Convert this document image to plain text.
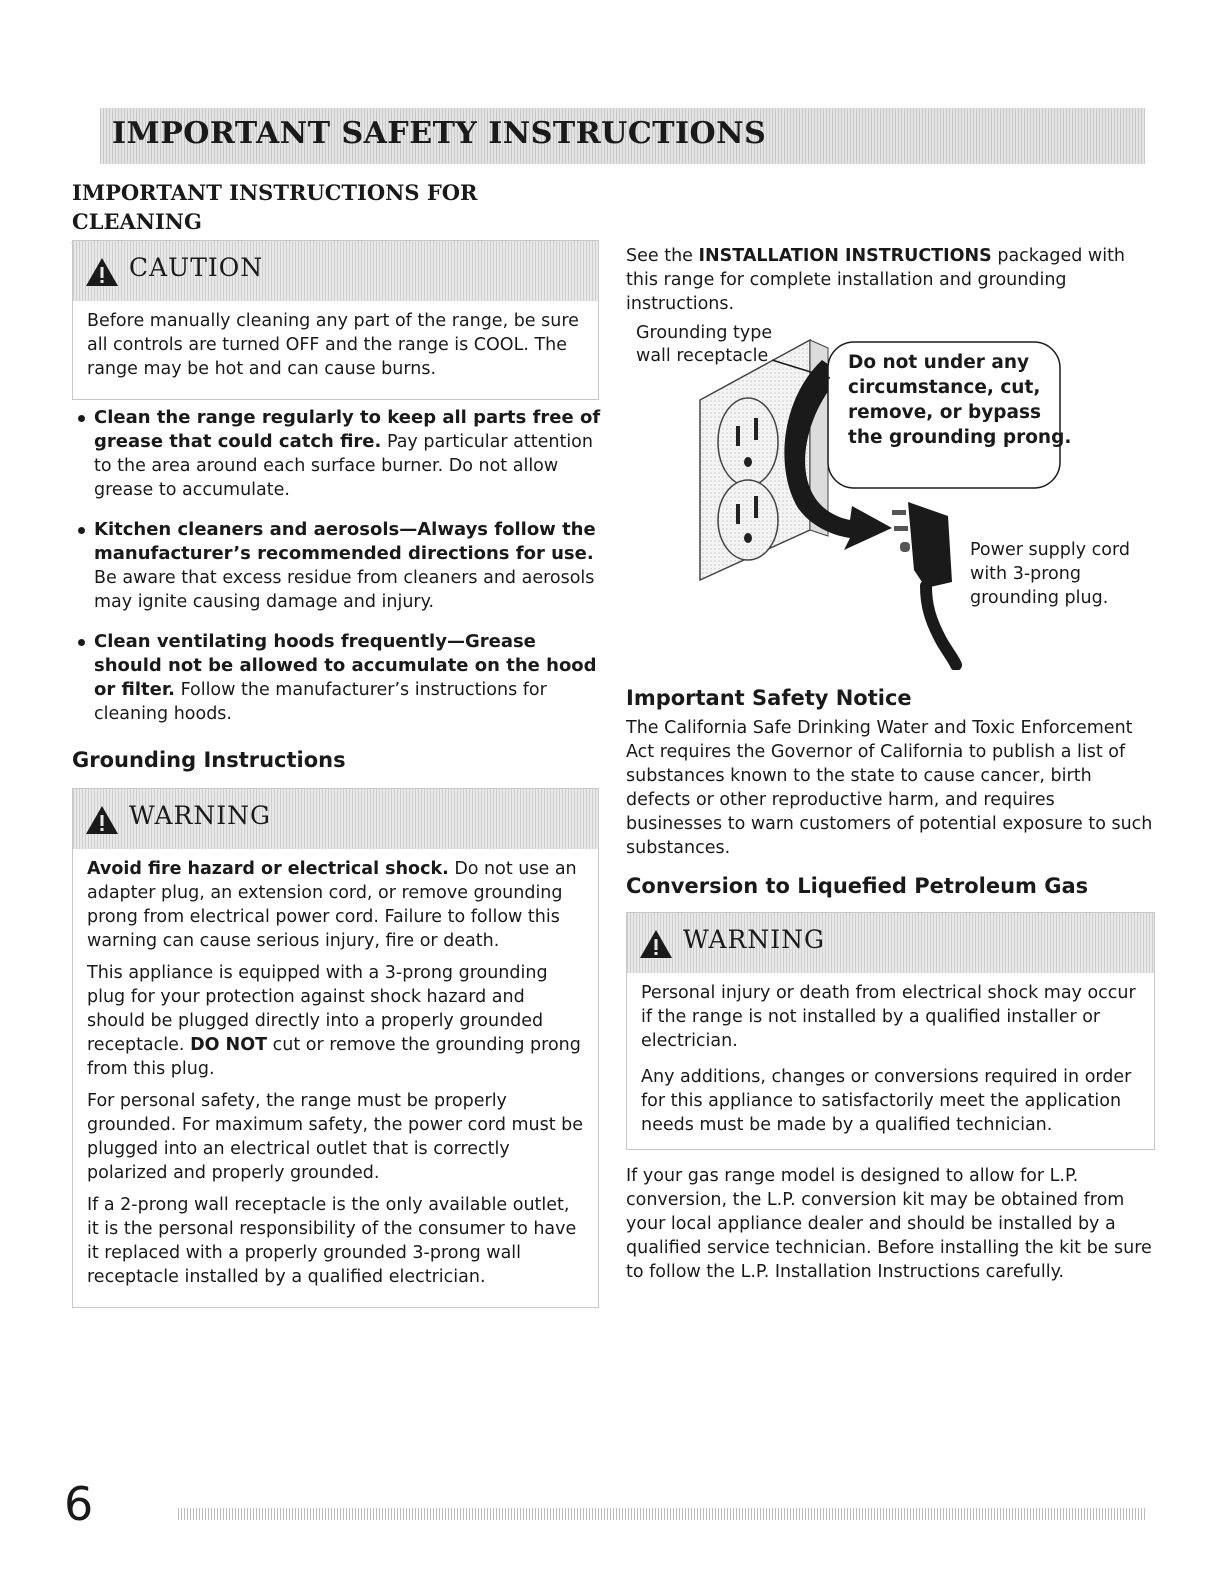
IMPORTANT SAFETY INSTRUCTIONS
IMPORTANT INSTRUCTIONS FOR CLEANING
CAUTION

Before manually cleaning any part of the range, be sure all controls are turned OFF and the range is COOL. The range may be hot and can cause burns.

Clean the range regularly to keep all parts free of grease that could catch fire. Pay particular attention to the area around each surface burner. Do not allow grease to accumulate.
Kitchen cleaners and aerosols—Always follow the manufacturer’s recommended directions for use. Be aware that excess residue from cleaners and aerosols may ignite causing damage and injury.
Clean ventilating hoods frequently—Grease should not be allowed to accumulate on the hood or filter. Follow the manufacturer’s instructions for cleaning hoods.
Grounding Instructions
WARNING

Avoid fire hazard or electrical shock. Do not use an adapter plug, an extension cord, or remove grounding prong from electrical power cord. Failure to follow this warning can cause serious injury, fire or death.

This appliance is equipped with a 3-prong grounding plug for your protection against shock hazard and should be plugged directly into a properly grounded receptacle. DO NOT cut or remove the grounding prong from this plug.

For personal safety, the range must be properly grounded. For maximum safety, the power cord must be plugged into an electrical outlet that is correctly polarized and properly grounded.

If a 2-prong wall receptacle is the only available outlet, it is the personal responsibility of the consumer to have it replaced with a properly grounded 3-prong wall receptacle installed by a qualified electrician.

See the INSTALLATION INSTRUCTIONS packaged with this range for complete installation and grounding instructions.
Grounding type
wall receptacle	Do not under any
circumstance, cut,
remove, or bypass
the grounding prong.
Power supply cord
with 3-prong
grounding plug.
Important Safety Notice
The California Safe Drinking Water and Toxic Enforcement Act requires the Governor of California to publish a list of substances known to the state to cause cancer, birth defects or other reproductive harm, and requires businesses to warn customers of potential exposure to such substances.
Conversion to Liquefied Petroleum Gas
WARNING

Personal injury or death from electrical shock may occur if the range is not installed by a qualified installer or electrician.

Any additions, changes or conversions required in order for this appliance to satisfactorily meet the application needs must be made by a qualified technician.

If your gas range model is designed to allow for L.P. conversion, the L.P. conversion kit may be obtained from your local appliance dealer and should be installed by a qualified service technician. Before installing the kit be sure to follow the L.P. Installation Instructions carefully.
6
